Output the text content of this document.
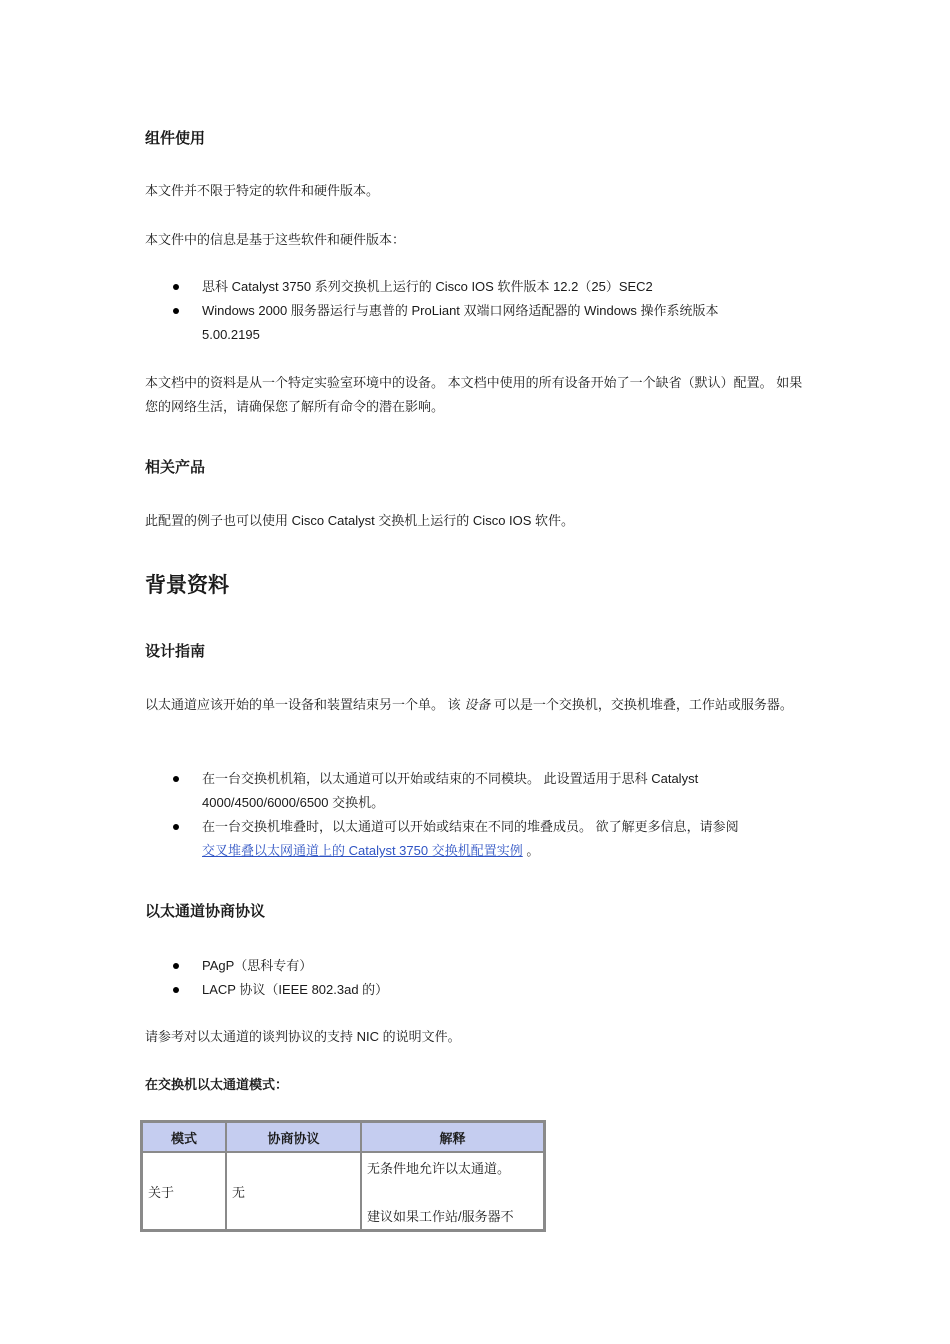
组件使用

本文件并不限于特定的软件和硬件版本。

本文件中的信息是基于这些软件和硬件版本：

思科 Catalyst 3750 系列交换机上运行的 Cisco IOS 软件版本 12.2（25）SEC2
Windows 2000 服务器运行与惠普的 ProLiant 双端口网络适配器的 Windows 操作系统版本 5.00.2195

本文档中的资料是从一个特定实验室环境中的设备。 本文档中使用的所有设备开始了一个缺省（默认）配置。 如果您的网络生活，请确保您了解所有命令的潜在影响。

相关产品

此配置的例子也可以使用 Cisco Catalyst 交换机上运行的 Cisco IOS 软件。

背景资料
设计指南

以太通道应该开始的单一设备和装置结束另一个单。 该 设备 可以是一个交换机，交换机堆叠，工作站或服务器。

在一台交换机机箱，以太通道可以开始或结束的不同模块。 此设置适用于思科 Catalyst 4000/4500/6000/6500 交换机。
在一台交换机堆叠时，以太通道可以开始或结束在不同的堆叠成员。 欲了解更多信息，请参阅
交叉堆叠以太网通道上的 Catalyst 3750 交换机配置实例 。
以太通道协商协议
PAgP（思科专有）
LACP 协议（IEEE 802.3ad 的）

请参考对以太通道的谈判协议的支持 NIC 的说明文件。

在交换机以太通道模式：

模式	协商协议	解释
关于	无	无条件地允许以太通道。
建议如果工作站/服务器不
